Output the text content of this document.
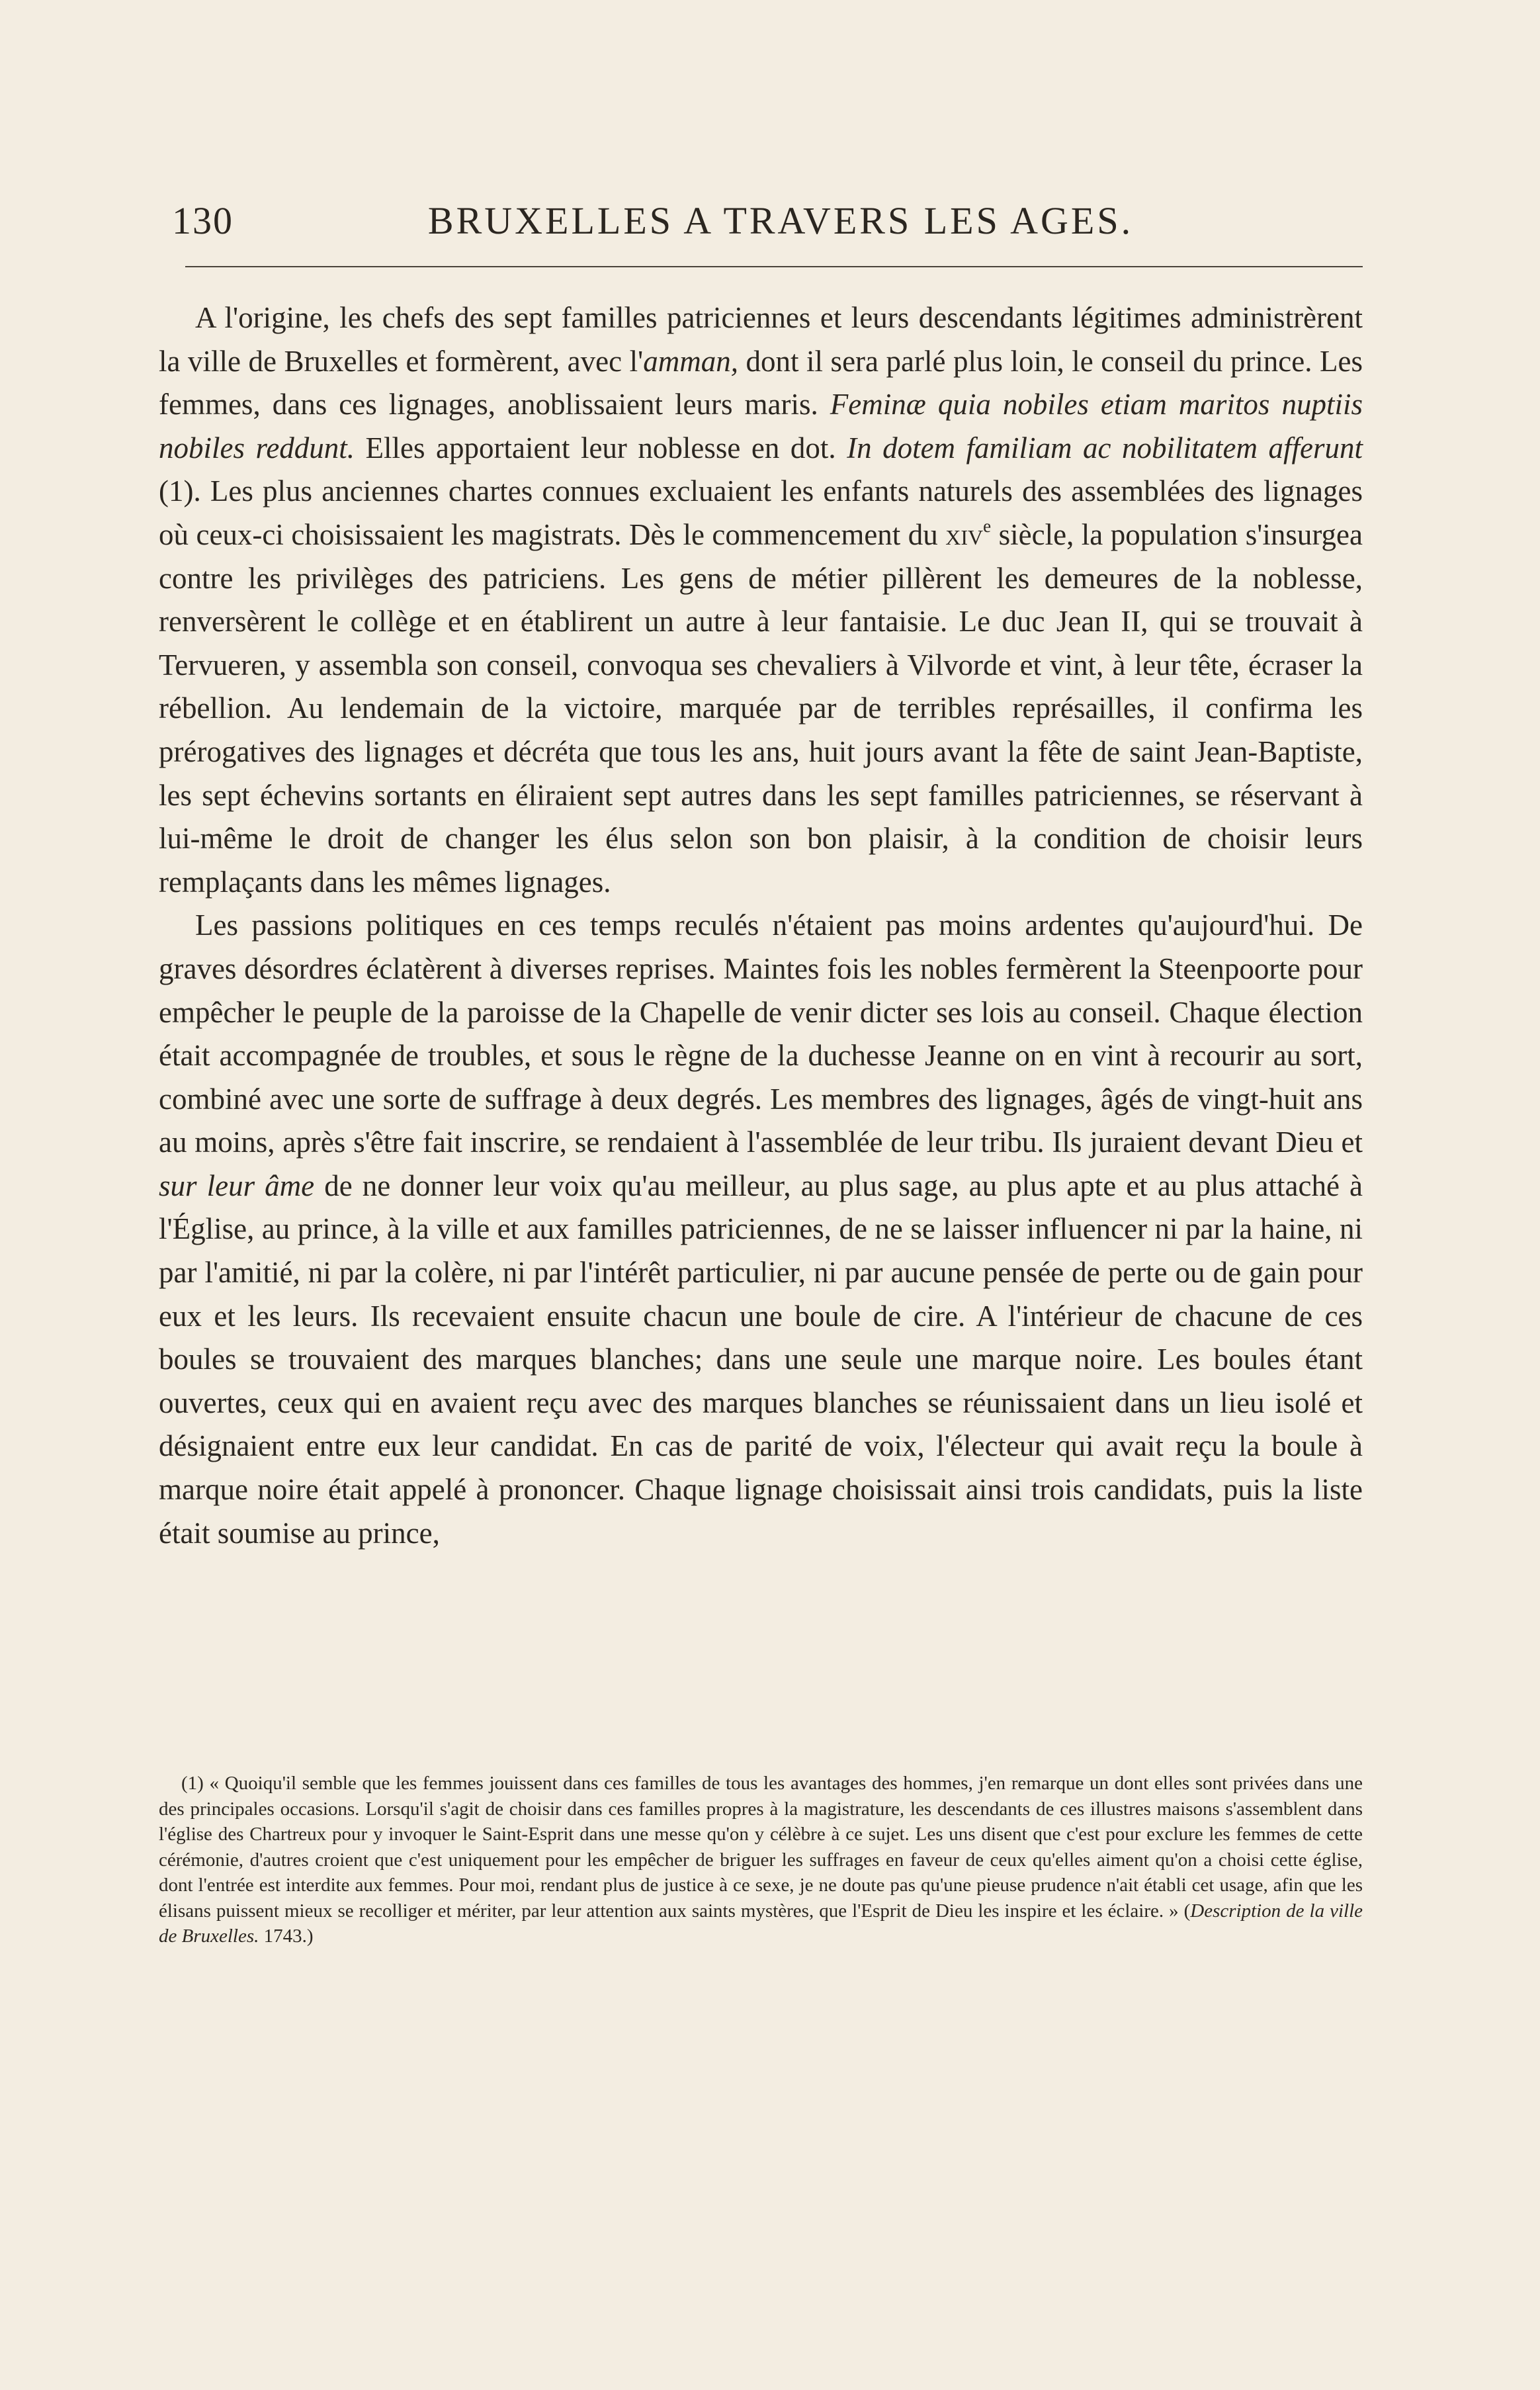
130	BRUXELLES A TRAVERS LES AGES.

A l'origine, les chefs des sept familles patriciennes et leurs descendants légitimes administrèrent la ville de Bruxelles et formèrent, avec l'amman, dont il sera parlé plus loin, le conseil du prince. Les femmes, dans ces lignages, anoblissaient leurs maris. Feminæ quia nobiles etiam maritos nuptiis nobiles reddunt. Elles apportaient leur noblesse en dot. In dotem familiam ac nobilitatem afferunt (1). Les plus anciennes chartes connues excluaient les enfants naturels des assemblées des lignages où ceux-ci choisissaient les magistrats. Dès le commencement du xiv$^e$ siècle, la population s'insurgea contre les privilèges des patriciens. Les gens de métier pillèrent les demeures de la noblesse, renversèrent le collège et en établirent un autre à leur fantaisie. Le duc Jean II, qui se trouvait à Tervueren, y assembla son conseil, convoqua ses chevaliers à Vilvorde et vint, à leur tête, écraser la rébellion. Au lendemain de la victoire, marquée par de terribles représailles, il confirma les prérogatives des lignages et décréta que tous les ans, huit jours avant la fête de saint Jean-Baptiste, les sept échevins sortants en éliraient sept autres dans les sept familles patriciennes, se réservant à lui-même le droit de changer les élus selon son bon plaisir, à la condition de choisir leurs remplaçants dans les mêmes lignages.

Les passions politiques en ces temps reculés n'étaient pas moins ardentes qu'aujourd'hui. De graves désordres éclatèrent à diverses reprises. Maintes fois les nobles fermèrent la Steenpoorte pour empêcher le peuple de la paroisse de la Chapelle de venir dicter ses lois au conseil. Chaque élection était accompagnée de troubles, et sous le règne de la duchesse Jeanne on en vint à recourir au sort, combiné avec une sorte de suffrage à deux degrés. Les membres des lignages, âgés de vingt-huit ans au moins, après s'être fait inscrire, se rendaient à l'assemblée de leur tribu. Ils juraient devant Dieu et sur leur âme de ne donner leur voix qu'au meilleur, au plus sage, au plus apte et au plus attaché à l'Église, au prince, à la ville et aux familles patriciennes, de ne se laisser influencer ni par la haine, ni par l'amitié, ni par la colère, ni par l'intérêt particulier, ni par aucune pensée de perte ou de gain pour eux et les leurs. Ils recevaient ensuite chacun une boule de cire. A l'intérieur de chacune de ces boules se trouvaient des marques blanches; dans une seule une marque noire. Les boules étant ouvertes, ceux qui en avaient reçu avec des marques blanches se réunissaient dans un lieu isolé et désignaient entre eux leur candidat. En cas de parité de voix, l'électeur qui avait reçu la boule à marque noire était appelé à prononcer. Chaque lignage choisissait ainsi trois candidats, puis la liste était soumise au prince,

(1) « Quoiqu'il semble que les femmes jouissent dans ces familles de tous les avantages des hommes, j'en remarque un dont elles sont privées dans une des principales occasions. Lorsqu'il s'agit de choisir dans ces familles propres à la magistrature, les descendants de ces illustres maisons s'assemblent dans l'église des Chartreux pour y invoquer le Saint-Esprit dans une messe qu'on y célèbre à ce sujet. Les uns disent que c'est pour exclure les femmes de cette cérémonie, d'autres croient que c'est uniquement pour les empêcher de briguer les suffrages en faveur de ceux qu'elles aiment qu'on a choisi cette église, dont l'entrée est interdite aux femmes. Pour moi, rendant plus de justice à ce sexe, je ne doute pas qu'une pieuse prudence n'ait établi cet usage, afin que les élisans puissent mieux se recolliger et mériter, par leur attention aux saints mystères, que l'Esprit de Dieu les inspire et les éclaire. » (Description de la ville de Bruxelles. 1743.)
